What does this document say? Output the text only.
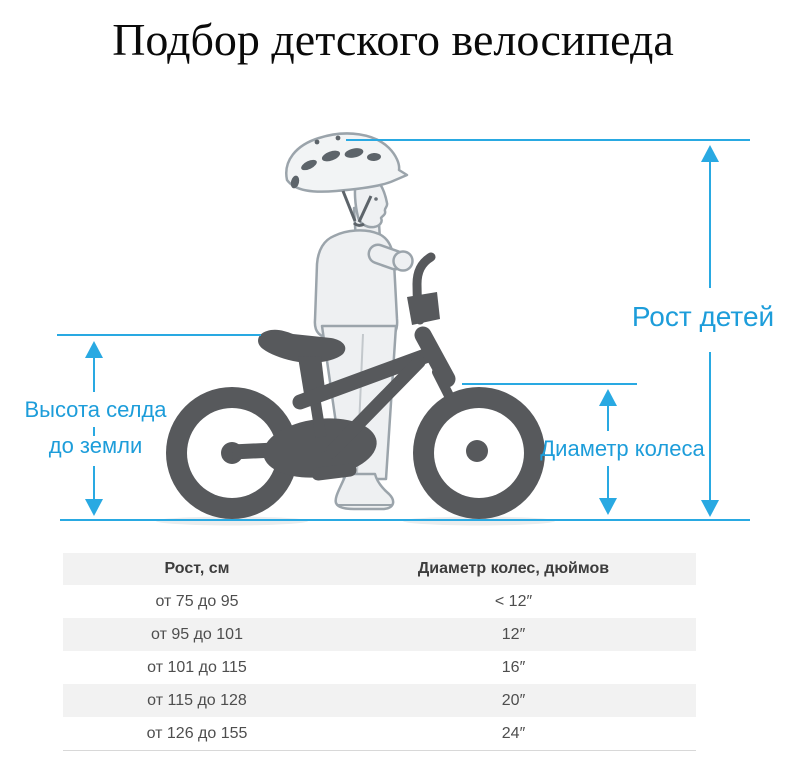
Подбор детского велосипеда
Рост детей
Высота селда
до земли	Диаметр колеса
Рост, см	Диаметр колес, дюймов
от 75 до 95	< 12″
от 95 до 101	12″
от 101 до 115	16″
от 115 до 128	20″
от 126 до 155	24″
